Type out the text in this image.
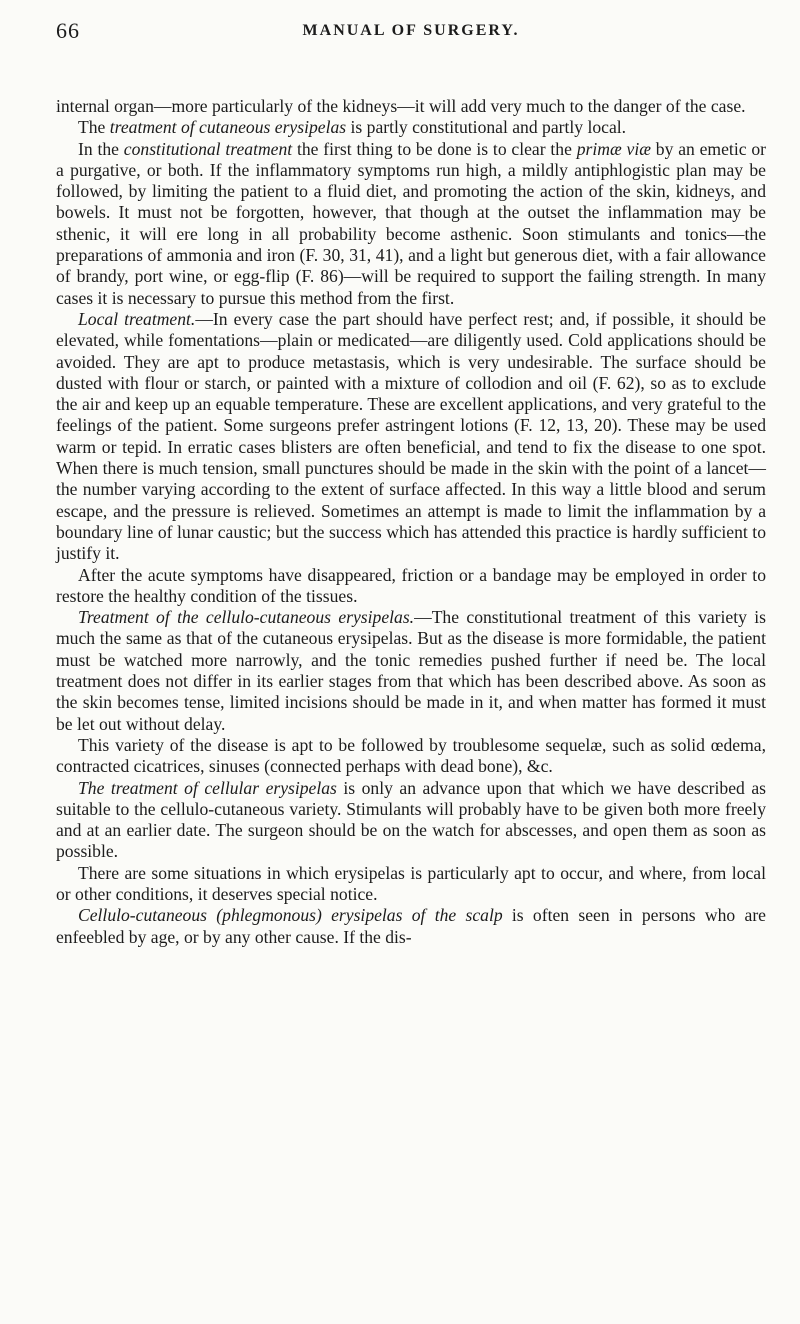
66	MANUAL OF SURGERY.

internal organ—more particularly of the kidneys—it will add very much to the danger of the case.

The treatment of cutaneous erysipelas is partly constitutional and partly local.

In the constitutional treatment the first thing to be done is to clear the primæ viæ by an emetic or a purgative, or both. If the inflammatory symptoms run high, a mildly antiphlogistic plan may be followed, by limiting the patient to a fluid diet, and promoting the action of the skin, kidneys, and bowels. It must not be forgotten, however, that though at the outset the inflammation may be sthenic, it will ere long in all probability become asthenic. Soon stimulants and tonics—the preparations of ammonia and iron (F. 30, 31, 41), and a light but generous diet, with a fair allowance of brandy, port wine, or egg-flip (F. 86)—will be required to support the failing strength. In many cases it is necessary to pursue this method from the first.

Local treatment.—In every case the part should have perfect rest; and, if possible, it should be elevated, while fomentations—plain or medicated—are diligently used. Cold applications should be avoided. They are apt to produce metastasis, which is very undesirable. The surface should be dusted with flour or starch, or painted with a mixture of collodion and oil (F. 62), so as to exclude the air and keep up an equable temperature. These are excellent applications, and very grateful to the feelings of the patient. Some surgeons prefer astringent lotions (F. 12, 13, 20). These may be used warm or tepid. In erratic cases blisters are often beneficial, and tend to fix the disease to one spot. When there is much tension, small punctures should be made in the skin with the point of a lancet—the number varying according to the extent of surface affected. In this way a little blood and serum escape, and the pressure is relieved. Sometimes an attempt is made to limit the inflammation by a boundary line of lunar caustic; but the success which has attended this practice is hardly sufficient to justify it.

After the acute symptoms have disappeared, friction or a bandage may be employed in order to restore the healthy condition of the tissues.

Treatment of the cellulo-cutaneous erysipelas.—The constitutional treatment of this variety is much the same as that of the cutaneous erysipelas. But as the disease is more formidable, the patient must be watched more narrowly, and the tonic remedies pushed further if need be. The local treatment does not differ in its earlier stages from that which has been described above. As soon as the skin becomes tense, limited incisions should be made in it, and when matter has formed it must be let out without delay.

This variety of the disease is apt to be followed by troublesome sequelæ, such as solid œdema, contracted cicatrices, sinuses (connected perhaps with dead bone), &c.

The treatment of cellular erysipelas is only an advance upon that which we have described as suitable to the cellulo-cutaneous variety. Stimulants will probably have to be given both more freely and at an earlier date. The surgeon should be on the watch for abscesses, and open them as soon as possible.

There are some situations in which erysipelas is particularly apt to occur, and where, from local or other conditions, it deserves special notice.

Cellulo-cutaneous (phlegmonous) erysipelas of the scalp is often seen in persons who are enfeebled by age, or by any other cause. If the dis-
